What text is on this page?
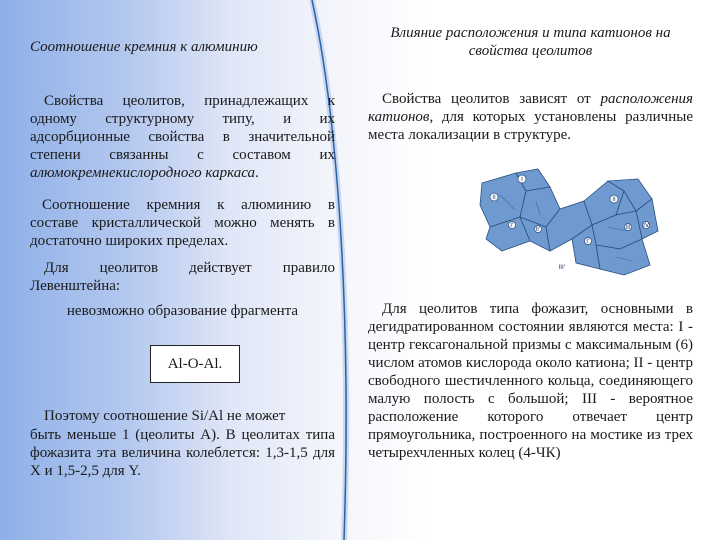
Соотношение кремния к алюминию

Свойства цеолитов, принадлежащих к одному структурному типу, и их адсорбционные свойства в значительной степени связанны с составом их алюмокремнекислородного каркаса.

Соотношение кремния к алюминию в составе кристаллической можно менять в достаточно широких пределах.

Для цеолитов действует правило Левенштейна:

невозможно образование фрагмента

Al-O-Al.

Поэтому соотношение Si/Al не может

быть меньше 1 (цеолиты А). В цеолитах типа фожазита эта величина колеблется: 1,3-1,5 для X и 1,5-2,5 для Y.

Влияние расположения и типа катионов на свойства цеолитов

Свойства цеолитов зависят от расположения катионов, для которых установлены различные места локализации в структуре.

I
II
I'
II'
II
I'
III IV
III'

Для цеолитов типа фожазит, основными в дегидратированном состоянии являются места: I - центр гексагональной призмы с максимальным (6) числом атомов кислорода около катиона; II - центр свободного шестичленного кольца, соединяющего малую полость с большой; III - вероятное расположение которого отвечает центр прямоугольника, построенного на мостике из трех четырехчленных колец (4-ЧК)
